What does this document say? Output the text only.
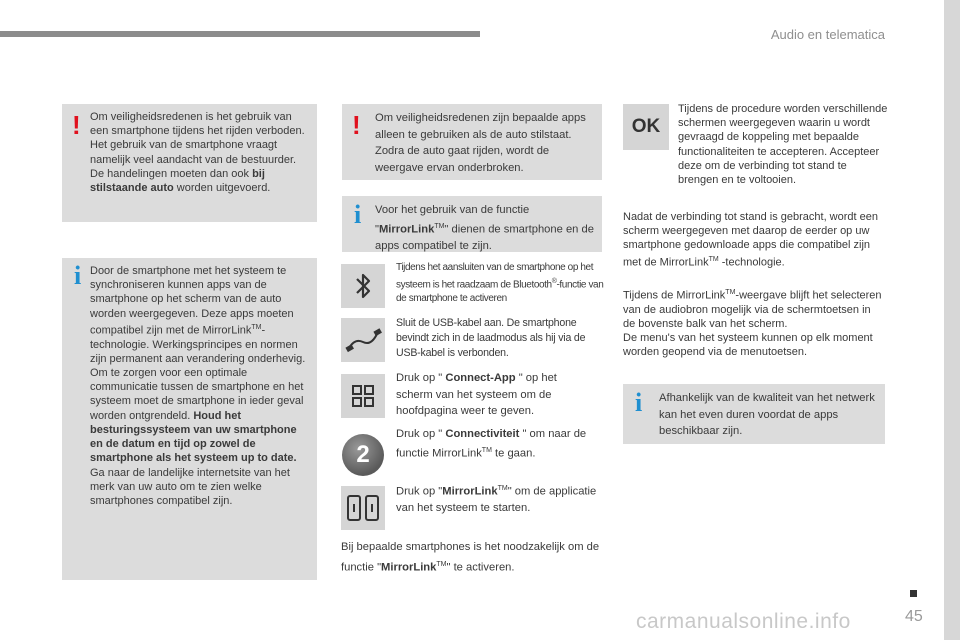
Audio en telematica
! Om veiligheidsredenen is het gebruik van een smartphone tijdens het rijden verboden. Het gebruik van de smartphone vraagt namelijk veel aandacht van de bestuurder.
De handelingen moeten dan ook bij stilstaande auto worden uitgevoerd.
i Door de smartphone met het systeem te synchroniseren kunnen apps van de smartphone op het scherm van de auto worden weergegeven. Deze apps moeten compatibel zijn met de MirrorLink™-technologie. Werkingsprincipes en normen zijn permanent aan verandering onderhevig. Om te zorgen voor een optimale communicatie tussen de smartphone en het systeem moet de smartphone in ieder geval worden ontgrendeld. Houd het besturingssysteem van uw smartphone en de datum en tijd op zowel de smartphone als het systeem up to date.
Ga naar de landelijke internetsite van het merk van uw auto om te zien welke smartphones compatibel zijn.
! Om veiligheidsredenen zijn bepaalde apps alleen te gebruiken als de auto stilstaat. Zodra de auto gaat rijden, wordt de weergave ervan onderbroken.
i Voor het gebruik van de functie "MirrorLink™" dienen de smartphone en de apps compatibel te zijn.
Tijdens het aansluiten van de smartphone op het systeem is het raadzaam de Bluetooth®-functie van de smartphone te activeren
Sluit de USB-kabel aan. De smartphone bevindt zich in de laadmodus als hij via de USB-kabel is verbonden.
Druk op " Connect-App " op het scherm van het systeem om de hoofdpagina weer te geven.
2
Druk op " Connectiviteit " om naar de functie MirrorLink™ te gaan.
Druk op "MirrorLink™" om de applicatie van het systeem te starten.
Bij bepaalde smartphones is het noodzakelijk om de functie "MirrorLink™" te activeren.
OK
Tijdens de procedure worden verschillende schermen weergegeven waarin u wordt gevraagd de koppeling met bepaalde functionaliteiten te accepteren. Accepteer deze om de verbinding tot stand te brengen en te voltooien.
Nadat de verbinding tot stand is gebracht, wordt een scherm weergegeven met daarop de eerder op uw smartphone gedownloade apps die compatibel zijn met de MirrorLink™ -technologie.
Tijdens de MirrorLink™-weergave blijft het selecteren van de audiobron mogelijk via de schermtoetsen in de bovenste balk van het scherm.
De menu's van het systeem kunnen op elk moment worden geopend via de menutoetsen.
i Afhankelijk van de kwaliteit van het netwerk kan het even duren voordat de apps beschikbaar zijn.
carmanualsonline.info	45
